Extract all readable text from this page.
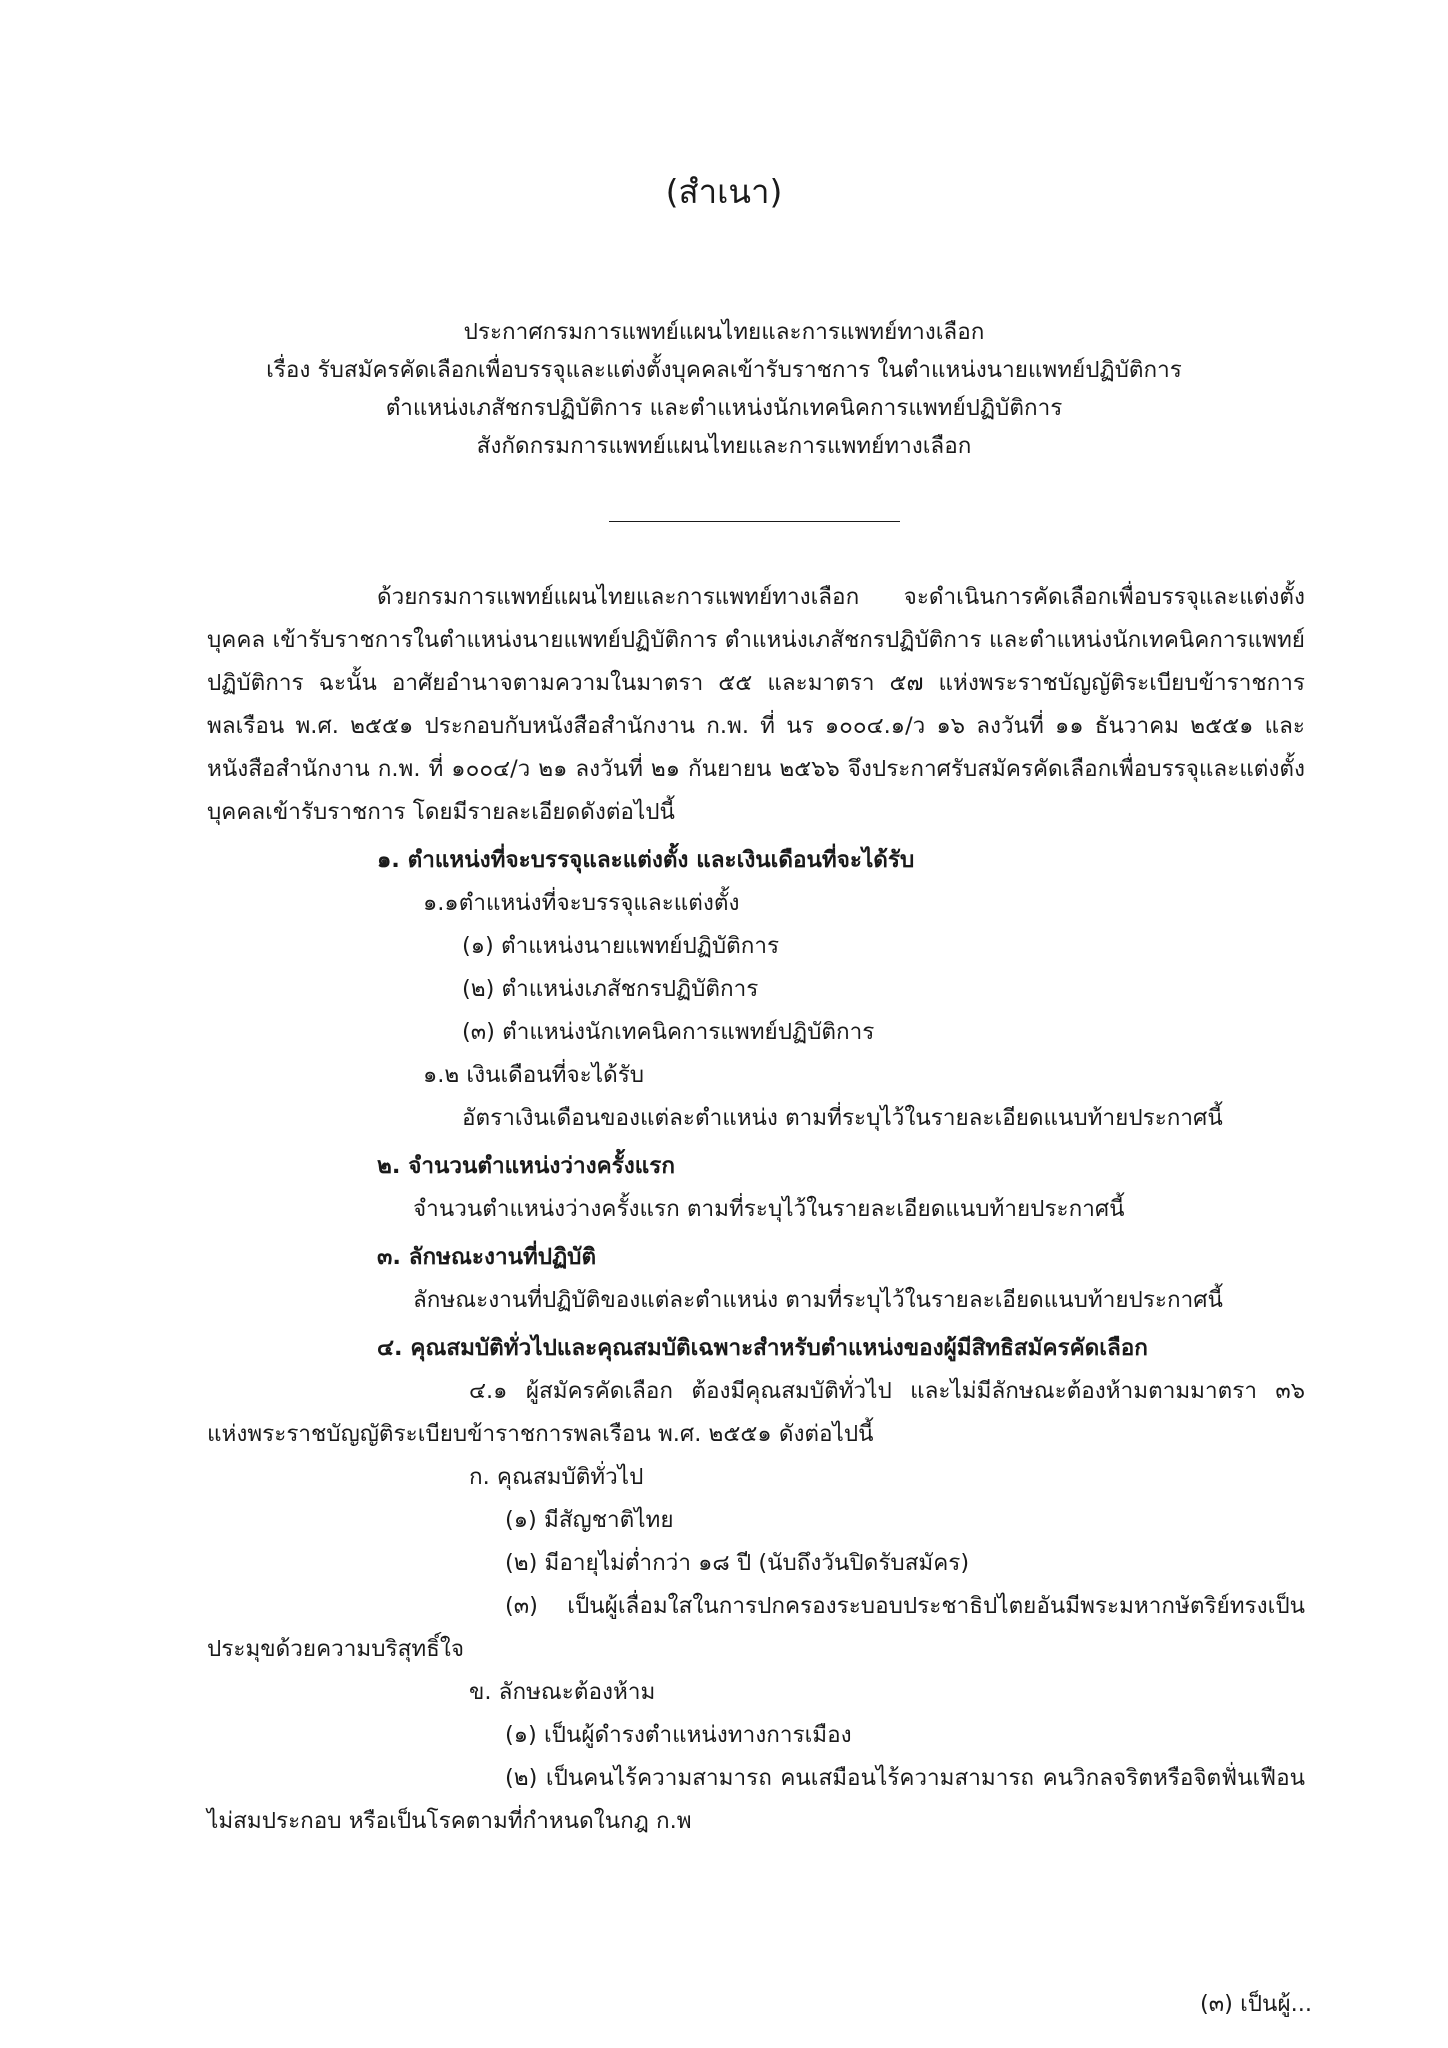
(สำเนา)
ประกาศกรมการแพทย์แผนไทยและการแพทย์ทางเลือก
เรื่อง รับสมัครคัดเลือกเพื่อบรรจุและแต่งตั้งบุคคลเข้ารับราชการ ในตำแหน่งนายแพทย์ปฏิบัติการ
ตำแหน่งเภสัชกรปฏิบัติการ และตำแหน่งนักเทคนิคการแพทย์ปฏิบัติการ
สังกัดกรมการแพทย์แผนไทยและการแพทย์ทางเลือก
ด้วยกรมการแพทย์แผนไทยและการแพทย์ทางเลือก จะดำเนินการคัดเลือกเพื่อบรรจุและแต่งตั้งบุคคล เข้ารับราชการในตำแหน่งนายแพทย์ปฏิบัติการ ตำแหน่งเภสัชกรปฏิบัติการ และตำแหน่งนักเทคนิคการแพทย์ปฏิบัติการ ฉะนั้น อาศัยอำนาจตามความในมาตรา ๕๕ และมาตรา ๕๗ แห่งพระราชบัญญัติระเบียบข้าราชการพลเรือน พ.ศ. ๒๕๕๑ ประกอบกับหนังสือสำนักงาน ก.พ. ที่ นร ๑๐๐๔.๑/ว ๑๖ ลงวันที่ ๑๑ ธันวาคม ๒๕๕๑ และหนังสือสำนักงาน ก.พ. ที่ ๑๐๐๔/ว ๒๑ ลงวันที่ ๒๑ กันยายน ๒๕๖๖ จึงประกาศรับสมัครคัดเลือกเพื่อบรรจุและแต่งตั้งบุคคลเข้ารับราชการ โดยมีรายละเอียดดังต่อไปนี้
๑. ตำแหน่งที่จะบรรจุและแต่งตั้ง และเงินเดือนที่จะได้รับ
๑.๑ตำแหน่งที่จะบรรจุและแต่งตั้ง
(๑) ตำแหน่งนายแพทย์ปฏิบัติการ
(๒) ตำแหน่งเภสัชกรปฏิบัติการ
(๓) ตำแหน่งนักเทคนิคการแพทย์ปฏิบัติการ
๑.๒ เงินเดือนที่จะได้รับ
อัตราเงินเดือนของแต่ละตำแหน่ง ตามที่ระบุไว้ในรายละเอียดแนบท้ายประกาศนี้
๒. จำนวนตำแหน่งว่างครั้งแรก
จำนวนตำแหน่งว่างครั้งแรก ตามที่ระบุไว้ในรายละเอียดแนบท้ายประกาศนี้
๓. ลักษณะงานที่ปฏิบัติ
ลักษณะงานที่ปฏิบัติของแต่ละตำแหน่ง ตามที่ระบุไว้ในรายละเอียดแนบท้ายประกาศนี้
๔. คุณสมบัติทั่วไปและคุณสมบัติเฉพาะสำหรับตำแหน่งของผู้มีสิทธิสมัครคัดเลือก
๔.๑ ผู้สมัครคัดเลือก ต้องมีคุณสมบัติทั่วไป และไม่มีลักษณะต้องห้ามตามมาตรา ๓๖ แห่งพระราชบัญญัติระเบียบข้าราชการพลเรือน พ.ศ. ๒๕๕๑ ดังต่อไปนี้
ก. คุณสมบัติทั่วไป
(๑) มีสัญชาติไทย
(๒) มีอายุไม่ต่ำกว่า ๑๘ ปี (นับถึงวันปิดรับสมัคร)
(๓) เป็นผู้เลื่อมใสในการปกครองระบอบประชาธิปไตยอันมีพระมหากษัตริย์ทรงเป็นประมุขด้วยความบริสุทธิ์ใจ
ข. ลักษณะต้องห้าม
(๑) เป็นผู้ดำรงตำแหน่งทางการเมือง
(๒) เป็นคนไร้ความสามารถ คนเสมือนไร้ความสามารถ คนวิกลจริตหรือจิตฟั่นเฟือน ไม่สมประกอบ หรือเป็นโรคตามที่กำหนดในกฎ ก.พ
(๓) เป็นผู้...
